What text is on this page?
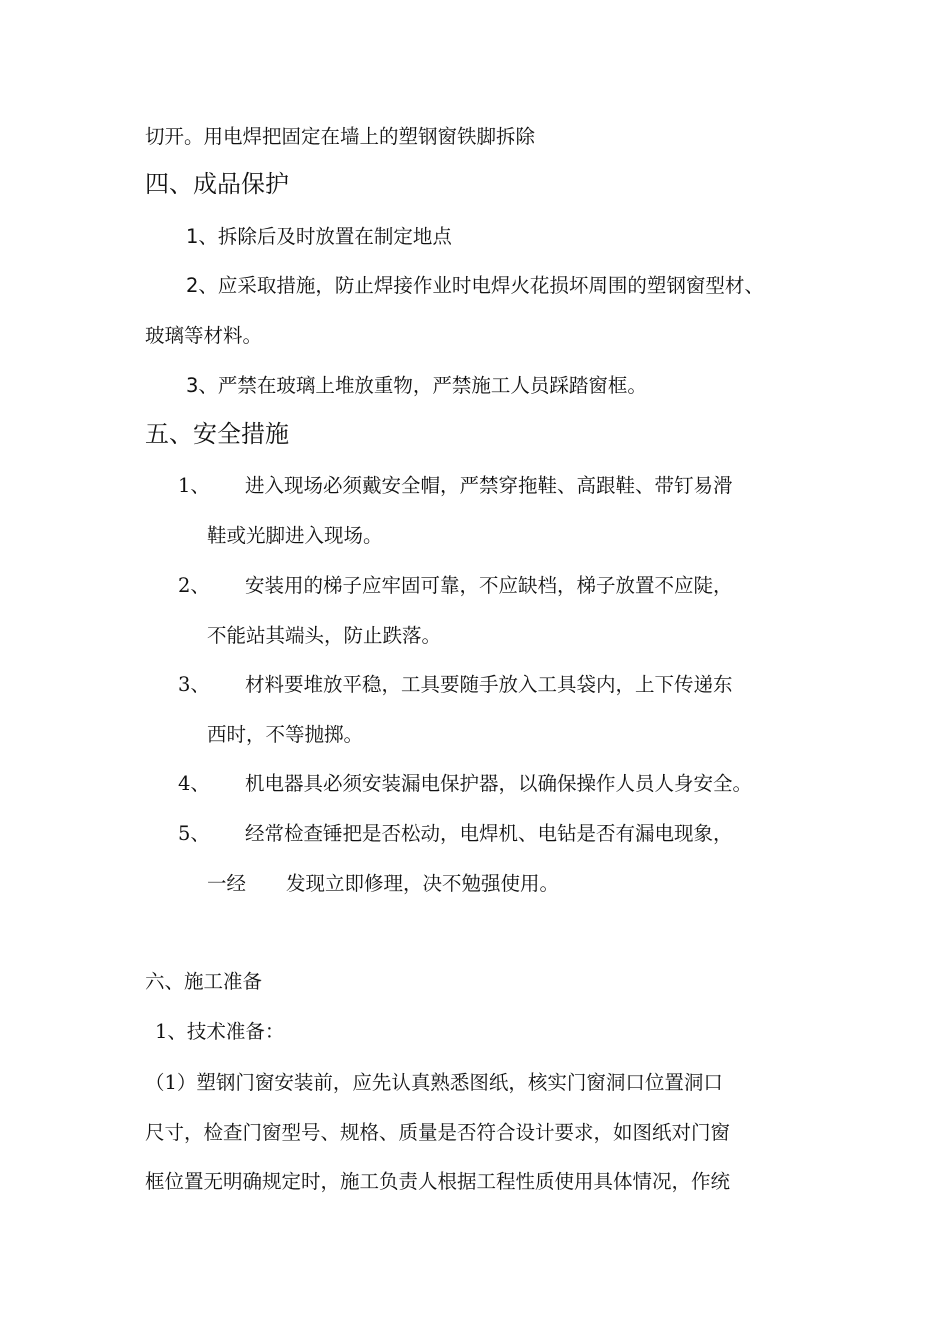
切开。用电焊把固定在墙上的塑钢窗铁脚拆除
四、成品保护
1、拆除后及时放置在制定地点
2、应采取措施，防止焊接作业时电焊火花损坏周围的塑钢窗型材、
玻璃等材料。
3、严禁在玻璃上堆放重物，严禁施工人员踩踏窗框。
五、安全措施
1、 进入现场必须戴安全帽，严禁穿拖鞋、高跟鞋、带钉易滑
鞋或光脚进入现场。
2、 安装用的梯子应牢固可靠，不应缺档，梯子放置不应陡，
不能站其端头，防止跌落。
3、 材料要堆放平稳，工具要随手放入工具袋内，上下传递东
西时，不等抛掷。
4、 机电器具必须安装漏电保护器，以确保操作人员人身安全。
5、 经常检查锤把是否松动，电焊机、电钻是否有漏电现象，
一经 发现立即修理，决不勉强使用。
六、施工准备
1、技术准备：
（1）塑钢门窗安装前，应先认真熟悉图纸，核实门窗洞口位置洞口
尺寸，检查门窗型号、规格、质量是否符合设计要求，如图纸对门窗
框位置无明确规定时，施工负责人根据工程性质使用具体情况，作统
